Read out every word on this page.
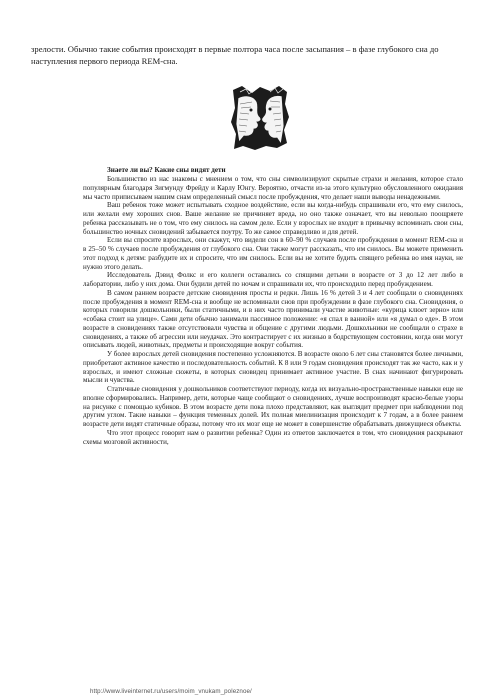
зрелости. Обычно такие события происходят в первые полтора часа после засыпания – в фазе глубокого сна до наступления первого периода REM-сна.

Знаете ли вы? Какие сны видят дети

Большинство из нас знакомы с мнением о том, что сны символизируют скрытые страхи и желания, которое стало популярным благодаря Зигмунду Фрейду и Карлу Юнгу. Вероятно, отчасти из-за этого культурно обусловленного ожидания мы часто приписываем нашим снам определенный смысл после пробуждения, что делает наши выводы ненадежными.

Ваш ребенок тоже может испытывать сходное воздействие, если вы когда-нибудь спрашивали его, что ему снилось, или желали ему хороших снов. Ваше желание не причиняет вреда, но оно также означает, что вы невольно поощряете ребенка рассказывать не о том, что ему снилось на самом деле. Если у взрослых не входит в привычку вспоминать свои сны, большинство ночных сновидений забывается поутру. То же самое справедливо и для детей.

Если вы спросите взрослых, они скажут, что видели сон в 60–90 % случаев после пробуждения в момент REM-сна и в 25–50 % случаев после пробуждения от глубокого сна. Они также могут рассказать, что им снилось. Вы можете применить этот подход к детям: разбудите их и спросите, что им снилось. Если вы не хотите будить спящего ребенка во имя науки, не нужно этого делать.

Исследователь Дэвид Фолкс и его коллеги оставались со спящими детьми в возрасте от 3 до 12 лет либо в лаборатории, либо у них дома. Они будили детей по ночам и спрашивали их, что происходило перед пробуждением.

В самом раннем возрасте детские сновидения просты и редки. Лишь 16 % детей 3 и 4 лет сообщали о сновидениях после пробуждения в момент REM-сна и вообще не вспоминали снов при пробуждении в фазе глубокого сна. Сновидения, о которых говорили дошкольники, были статичными, и в них часто принимали участие животные: «курица клюет зерно» или «собака стоит на улице». Сами дети обычно занимали пассивное положение: «я спал в ванной» или «я думал о еде». В этом возрасте в сновидениях также отсутствовали чувства и общение с другими людьми. Дошкольники не сообщали о страхе в сновидениях, а также об агрессии или неудачах. Это контрастирует с их жизнью в бодрствующем состоянии, когда они могут описывать людей, животных, предметы и происходящие вокруг события.

У более взрослых детей сновидения постепенно усложняются. В возрасте около 6 лет сны становятся более личными, приобретают активное качество и последовательность событий. К 8 или 9 годам сновидения происходят так же часто, как и у взрослых, и имеют сложные сюжеты, в которых сновидец принимает активное участие. В снах начинают фигурировать мысли и чувства.

Статичные сновидения у дошкольников соответствуют периоду, когда их визуально-пространственные навыки еще не вполне сформировались. Например, дети, которые чаще сообщают о сновидениях, лучше воспроизводят красно-белые узоры на рисунке с помощью кубиков. В этом возрасте дети пока плохо представляют, как выглядит предмет при наблюдении под другим углом. Такие навыки – функция теменных долей. Их полная миелинизация происходит к 7 годам, а в более раннем возрасте дети видят статичные образы, потому что их мозг еще не может в совершенстве обрабатывать движущиеся объекты.

Что этот процесс говорит нам о развитии ребенка? Один из ответов заключается в том, что сновидения раскрывают схемы мозговой активности,

http://www.liveinternet.ru/users/moim_vnukam_poleznoe/
